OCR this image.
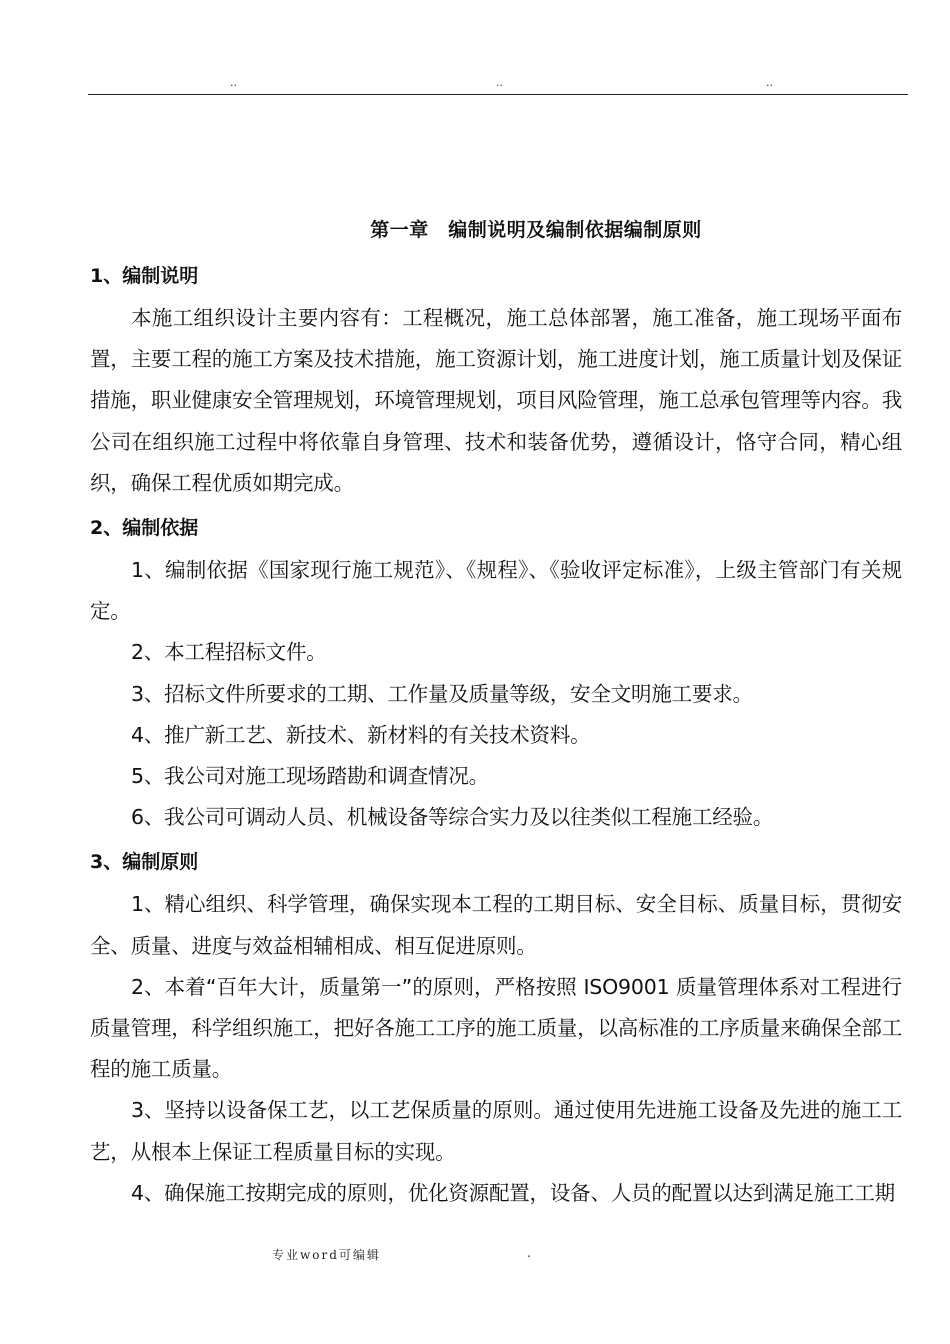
..	..	..
第一章　编制说明及编制依据编制原则
1、编制说明

本施工组织设计主要内容有：工程概况，施工总体部署，施工准备，施工现场平面布置，主要工程的施工方案及技术措施，施工资源计划，施工进度计划，施工质量计划及保证措施，职业健康安全管理规划，环境管理规划，项目风险管理，施工总承包管理等内容。我公司在组织施工过程中将依靠自身管理、技术和装备优势，遵循设计，恪守合同，精心组织，确保工程优质如期完成。

2、编制依据

1、编制依据《国家现行施工规范》、《规程》、《验收评定标准》，上级主管部门有关规定。

2、本工程招标文件。

3、招标文件所要求的工期、工作量及质量等级，安全文明施工要求。

4、推广新工艺、新技术、新材料的有关技术资料。

5、我公司对施工现场踏勘和调查情况。

6、我公司可调动人员、机械设备等综合实力及以往类似工程施工经验。

3、编制原则

1、精心组织、科学管理，确保实现本工程的工期目标、安全目标、质量目标，贯彻安全、质量、进度与效益相辅相成、相互促进原则。

2、本着“百年大计，质量第一”的原则，严格按照 ISO9001 质量管理体系对工程进行质量管理，科学组织施工，把好各施工工序的施工质量，以高标准的工序质量来确保全部工程的施工质量。

3、坚持以设备保工艺，以工艺保质量的原则。通过使用先进施工设备及先进的施工工艺，从根本上保证工程质量目标的实现。

4、确保施工按期完成的原则，优化资源配置，设备、人员的配置以达到满足施工工期

专业word可编辑	.
